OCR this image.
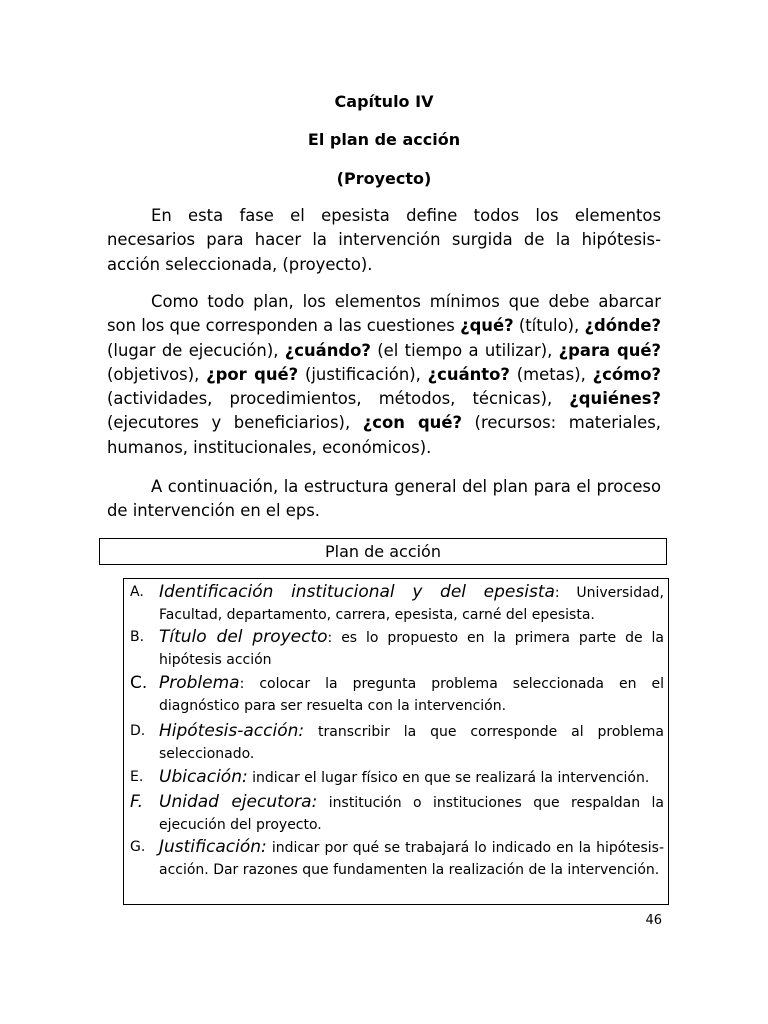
Capítulo IV
El plan de acción
(Proyecto)

En esta fase el epesista define todos los elementos necesarios para hacer la intervención surgida de la hipótesis-acción seleccionada, (proyecto).

Como todo plan, los elementos mínimos que debe abarcar son los que corresponden a las cuestiones ¿qué? (título), ¿dónde? (lugar de ejecución), ¿cuándo? (el tiempo a utilizar), ¿para qué? (objetivos), ¿por qué? (justificación), ¿cuánto? (metas), ¿cómo? (actividades, procedimientos, métodos, técnicas), ¿quiénes? (ejecutores y beneficiarios), ¿con qué? (recursos: materiales, humanos, institucionales, económicos).

A continuación, la estructura general del plan para el proceso de intervención en el eps.

Plan de acción
A. Identificación institucional y del epesista: Universidad, Facultad, departamento, carrera, epesista, carné del epesista.
B. Título del proyecto: es lo propuesto en la primera parte de la hipótesis acción
C. Problema: colocar la pregunta problema seleccionada en el diagnóstico para ser resuelta con la intervención.
D. Hipótesis-acción: transcribir la que corresponde al problema seleccionado.
E. Ubicación: indicar el lugar físico en que se realizará la intervención.
F. Unidad ejecutora: institución o instituciones que respaldan la ejecución del proyecto.
G. Justificación: indicar por qué se trabajará lo indicado en la hipótesis-acción. Dar razones que fundamenten la realización de la intervención.
46
